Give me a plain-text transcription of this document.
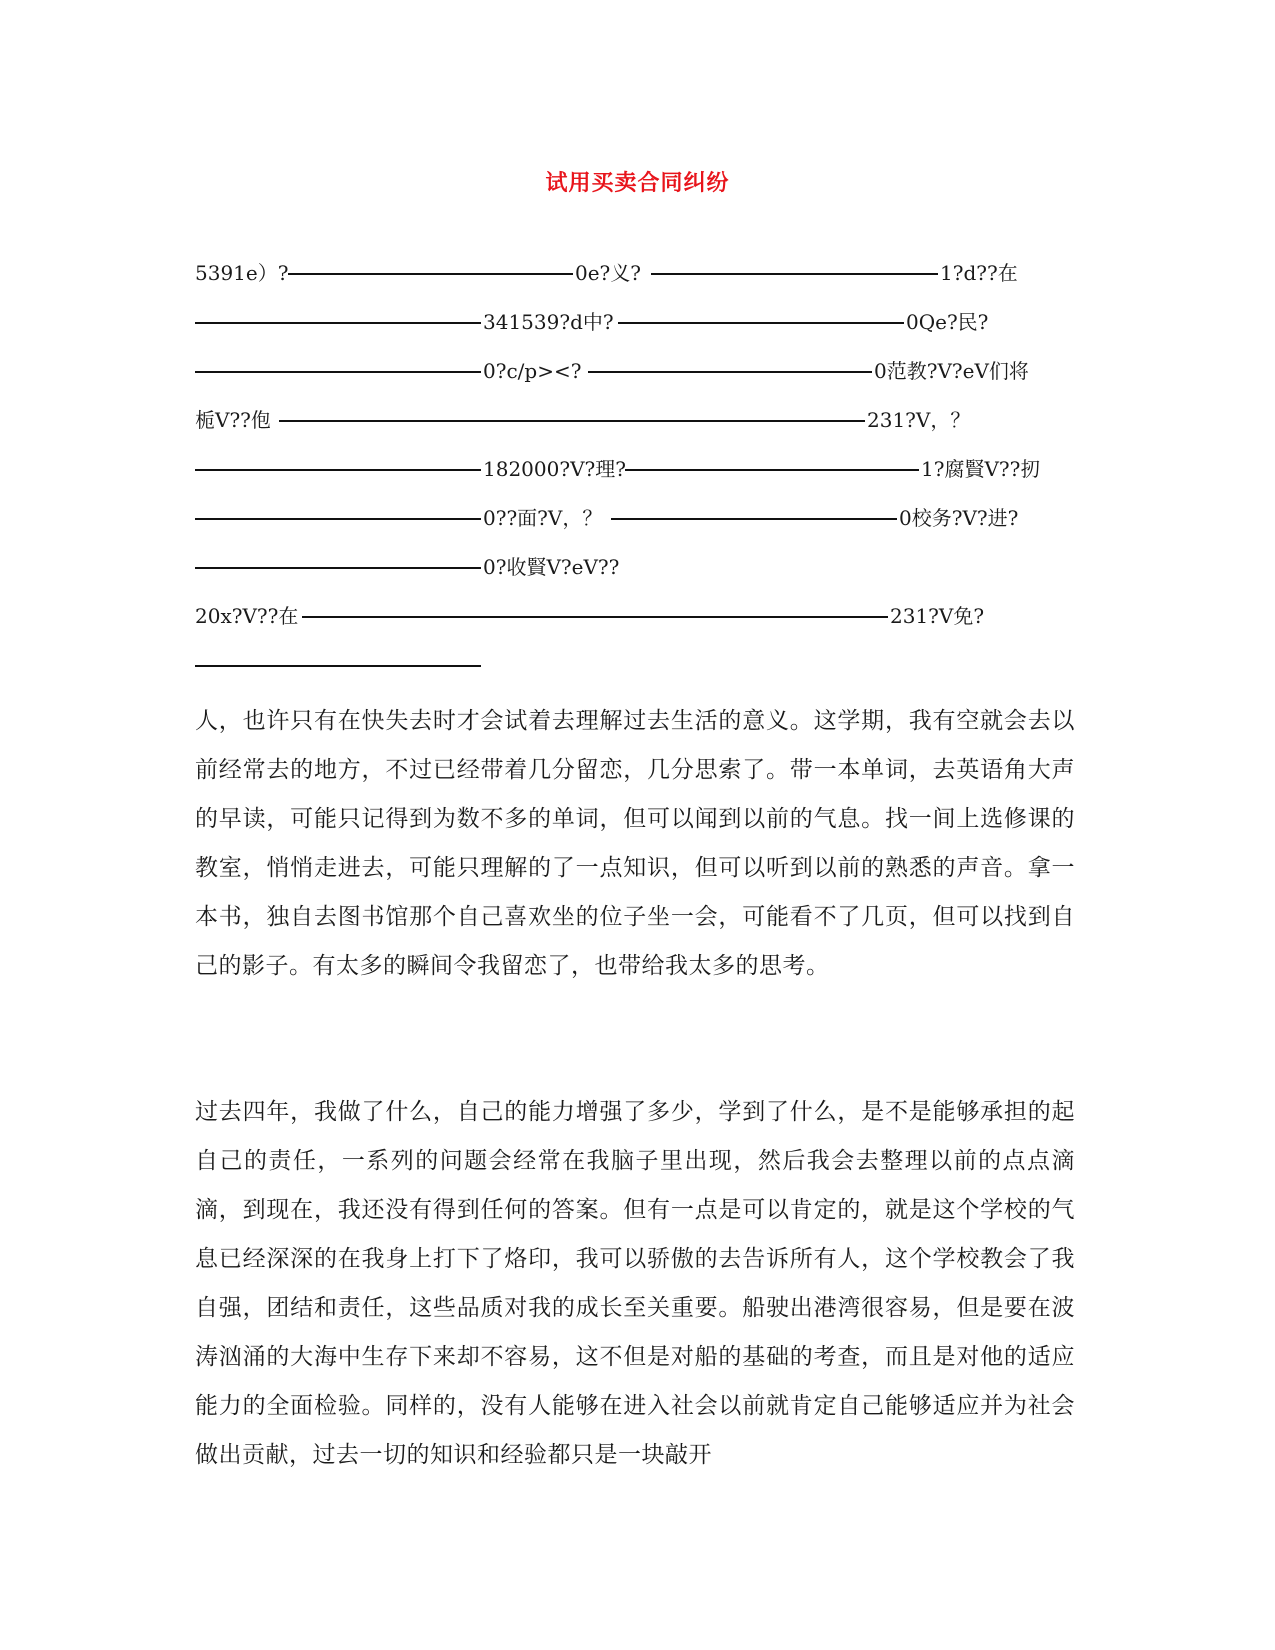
试用买卖合同纠纷
5391e）?	0e?义?	1?d??在
341539?d中?	0Qe?民?
0?c/p><?	0范教?V?eV们将
栀V??佨	231?V，？
182000?V?理?	1?腐賢V??扨
0??面?V，？	0校务?V?进?
0?收賢V?eV??
20x?V??在	231?V免?

人，也许只有在快失去时才会试着去理解过去生活的意义。这学期，我有空就会去以前经常去的地方，不过已经带着几分留恋，几分思索了。带一本单词，去英语角大声的早读，可能只记得到为数不多的单词，但可以闻到以前的气息。找一间上选修课的教室，悄悄走进去，可能只理解的了一点知识，但可以听到以前的熟悉的声音。拿一本书，独自去图书馆那个自己喜欢坐的位子坐一会，可能看不了几页，但可以找到自己的影子。有太多的瞬间令我留恋了，也带给我太多的思考。

过去四年，我做了什么，自己的能力增强了多少，学到了什么，是不是能够承担的起自己的责任，一系列的问题会经常在我脑子里出现，然后我会去整理以前的点点滴滴，到现在，我还没有得到任何的答案。但有一点是可以肯定的，就是这个学校的气息已经深深的在我身上打下了烙印，我可以骄傲的去告诉所有人，这个学校教会了我自强，团结和责任，这些品质对我的成长至关重要。船驶出港湾很容易，但是要在波涛汹涌的大海中生存下来却不容易，这不但是对船的基础的考查，而且是对他的适应能力的全面检验。同样的，没有人能够在进入社会以前就肯定自己能够适应并为社会做出贡献，过去一切的知识和经验都只是一块敲开
